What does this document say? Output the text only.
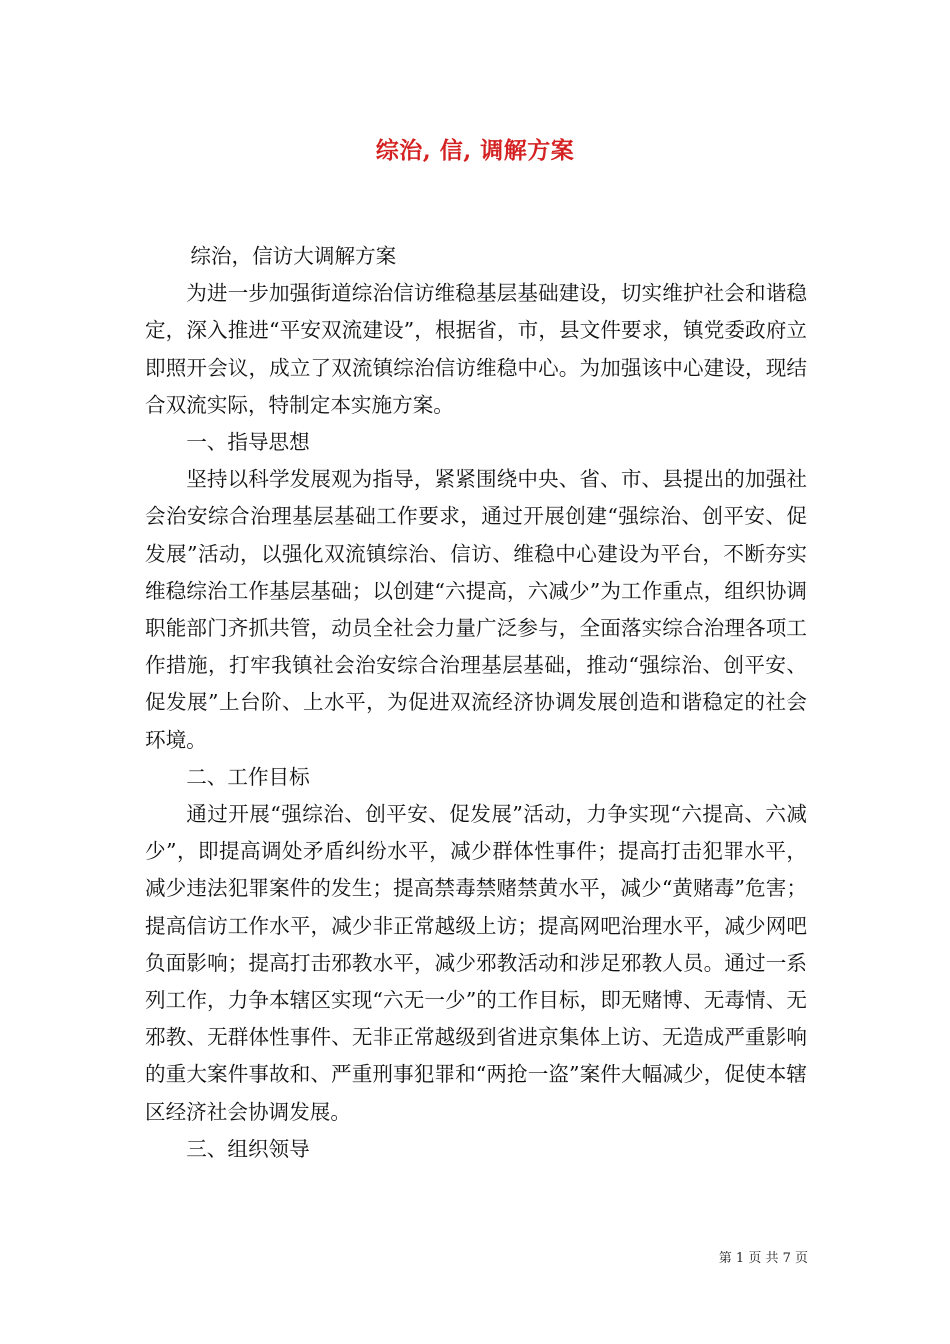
综治, 信, 调解方案

综治，信访大调解方案

为进一步加强街道综治信访维稳基层基础建设，切实维护社会和谐稳定，深入推进“平安双流建设”，根据省，市，县文件要求，镇党委政府立即照开会议，成立了双流镇综治信访维稳中心。为加强该中心建设，现结合双流实际，特制定本实施方案。

一、指导思想

坚持以科学发展观为指导，紧紧围绕中央、省、市、县提出的加强社会治安综合治理基层基础工作要求，通过开展创建“强综治、创平安、促发展”活动，以强化双流镇综治、信访、维稳中心建设为平台，不断夯实维稳综治工作基层基础；以创建“六提高，六减少”为工作重点，组织协调职能部门齐抓共管，动员全社会力量广泛参与，全面落实综合治理各项工作措施，打牢我镇社会治安综合治理基层基础，推动“强综治、创平安、促发展”上台阶、上水平，为促进双流经济协调发展创造和谐稳定的社会环境。

二、工作目标

通过开展“强综治、创平安、促发展”活动，力争实现“六提高、六减少”，即提高调处矛盾纠纷水平，减少群体性事件；提高打击犯罪水平，减少违法犯罪案件的发生；提高禁毒禁赌禁黄水平，减少“黄赌毒”危害；提高信访工作水平，减少非正常越级上访；提高网吧治理水平，减少网吧负面影响；提高打击邪教水平，减少邪教活动和涉足邪教人员。通过一系列工作，力争本辖区实现“六无一少”的工作目标，即无赌博、无毒情、无邪教、无群体性事件、无非正常越级到省进京集体上访、无造成严重影响的重大案件事故和、严重刑事犯罪和“两抢一盗”案件大幅减少，促使本辖区经济社会协调发展。

三、组织领导

第 1 页 共 7 页
